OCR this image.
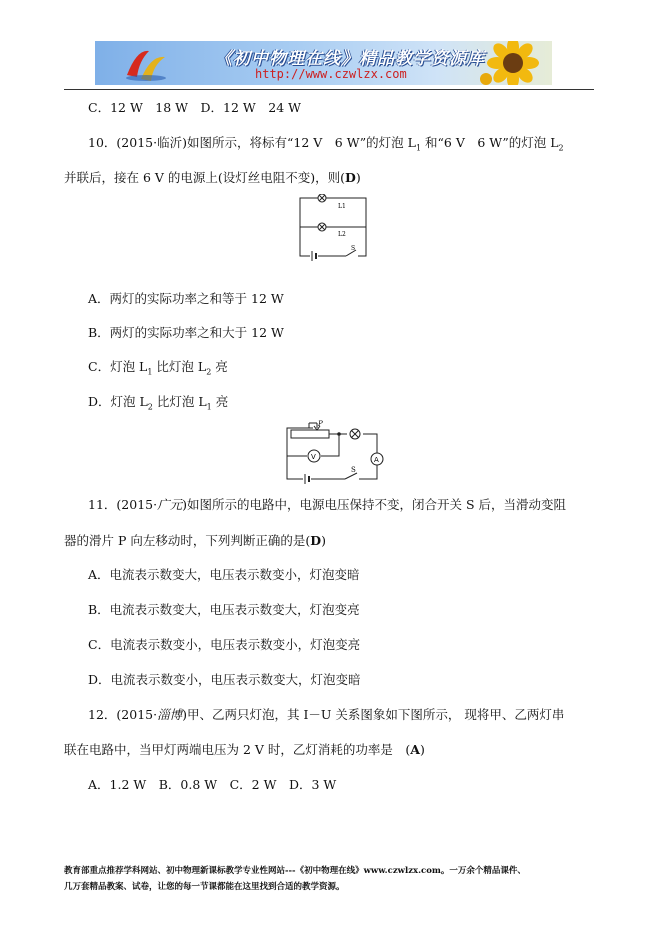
《初中物理在线》精品教学资源库
http://www.czwlzx.com
C．12 W　18 W　D．12 W　24 W
10．(2015·临沂)如图所示，将标有“12 V　6 W”的灯泡 $L_1$ 和“6 V　6 W”的灯泡 $L_2$
并联后，接在 6 V 的电源上(设灯丝电阻不变)，则(D)
L1
L2
S
A．两灯的实际功率之和等于 12 W
B．两灯的实际功率之和大于 12 W
C．灯泡 $L_1$ 比灯泡 $L_2$ 亮
D．灯泡 $L_2$ 比灯泡 $L_1$ 亮
P
V	A
S
11．(2015·广元)如图所示的电路中，电源电压保持不变，闭合开关 S 后，当滑动变阻
器的滑片 P 向左移动时，下列判断正确的是(D)
A．电流表示数变大，电压表示数变小，灯泡变暗
B．电流表示数变大，电压表示数变大，灯泡变亮
C．电流表示数变小，电压表示数变小，灯泡变亮
D．电流表示数变小，电压表示数变大，灯泡变暗
12．(2015·淄博)甲、乙两只灯泡，其 I－U 关系图象如下图所示， 现将甲、乙两灯串
联在电路中，当甲灯两端电压为 2 V 时，乙灯消耗的功率是　(A)
A．1.2 W　B．0.8 W　C．2 W　D．3 W
教育部重点推荐学科网站、初中物理新课标教学专业性网站---《初中物理在线》www.czwlzx.com。一万余个精品课件、
几万套精品教案、试卷，让您的每一节课都能在这里找到合适的教学资源。
